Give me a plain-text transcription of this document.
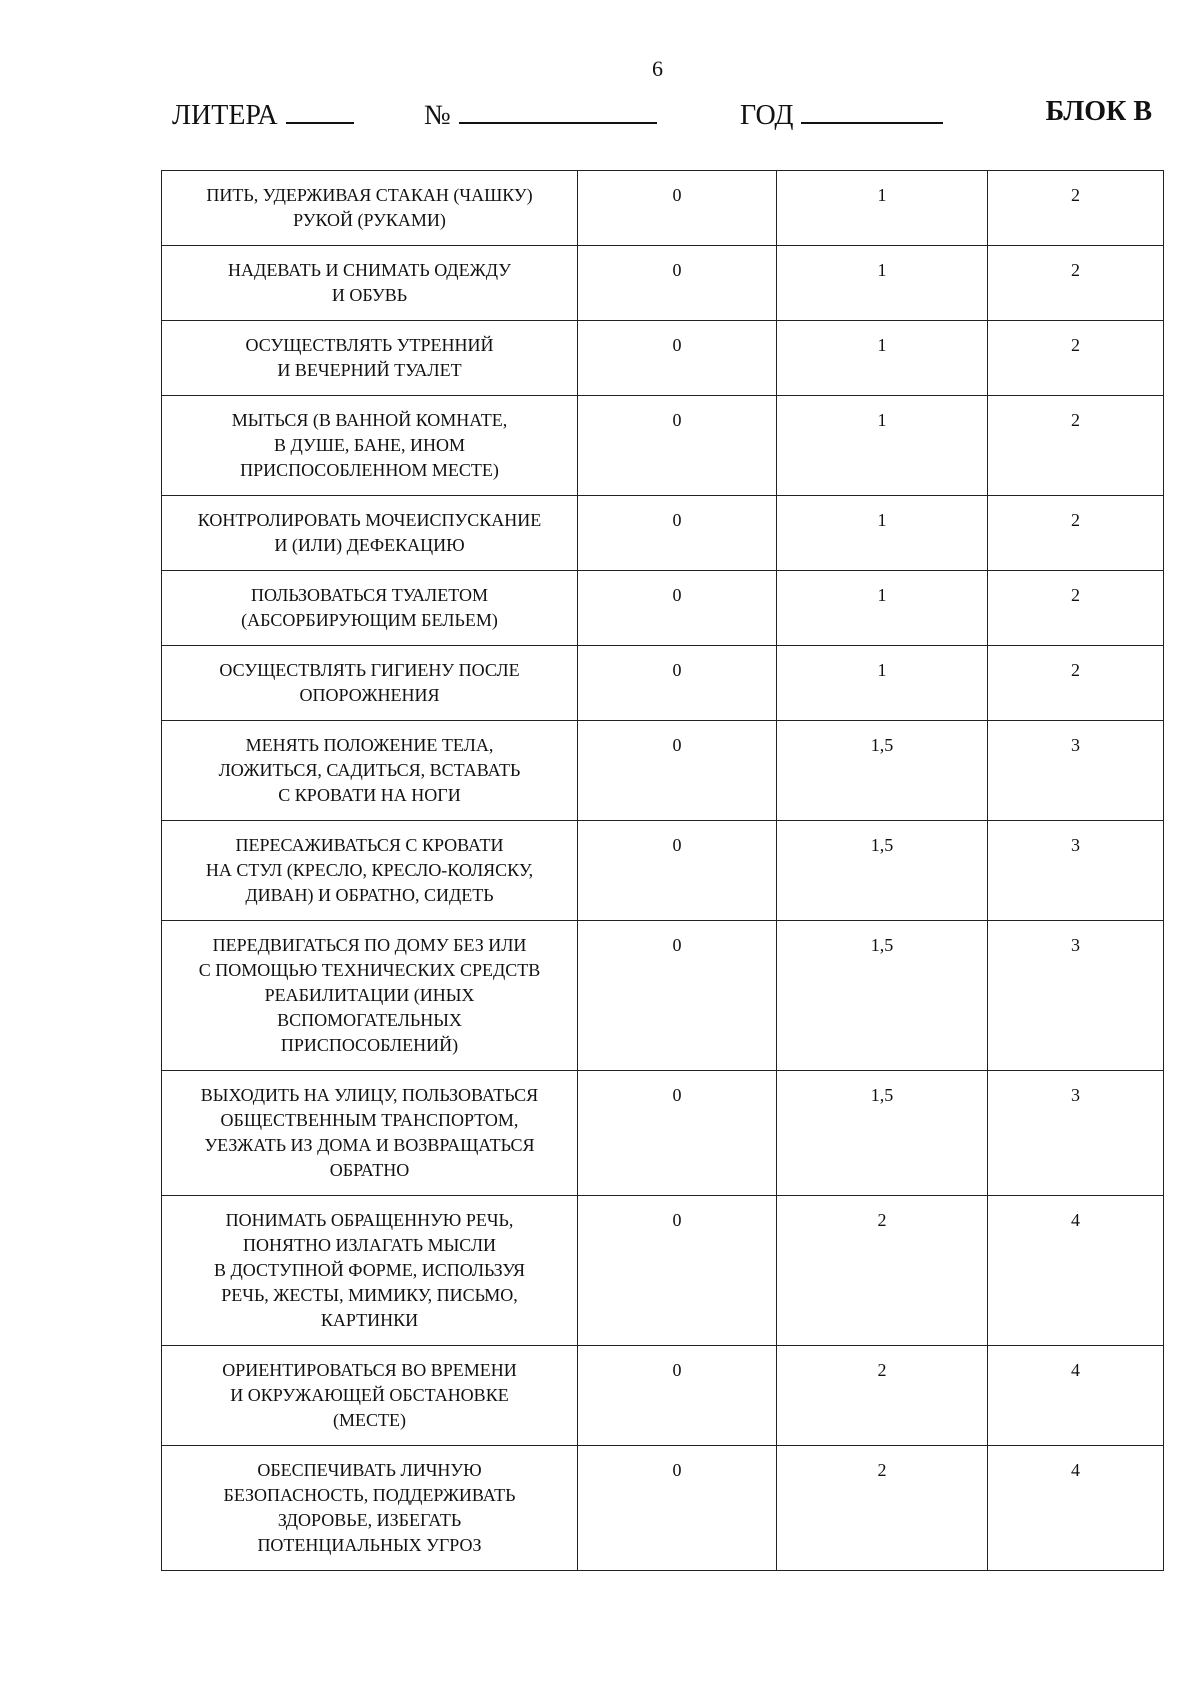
6
ЛИТЕРА	№	ГОД	БЛОК В
ПИТЬ, УДЕРЖИВАЯ СТАКАН (ЧАШКУ)
РУКОЙ (РУКАМИ)	0	1	2
НАДЕВАТЬ И СНИМАТЬ ОДЕЖДУ
И ОБУВЬ	0	1	2
ОСУЩЕСТВЛЯТЬ УТРЕННИЙ
И ВЕЧЕРНИЙ ТУАЛЕТ	0	1	2
МЫТЬСЯ (В ВАННОЙ КОМНАТЕ,
В ДУШЕ, БАНЕ, ИНОМ
ПРИСПОСОБЛЕННОМ МЕСТЕ)	0	1	2
КОНТРОЛИРОВАТЬ МОЧЕИСПУСКАНИЕ
И (ИЛИ) ДЕФЕКАЦИЮ	0	1	2
ПОЛЬЗОВАТЬСЯ ТУАЛЕТОМ
(АБСОРБИРУЮЩИМ БЕЛЬЕМ)	0	1	2
ОСУЩЕСТВЛЯТЬ ГИГИЕНУ ПОСЛЕ
ОПОРОЖНЕНИЯ	0	1	2
МЕНЯТЬ ПОЛОЖЕНИЕ ТЕЛА,
ЛОЖИТЬСЯ, САДИТЬСЯ, ВСТАВАТЬ
С КРОВАТИ НА НОГИ	0	1,5	3
ПЕРЕСАЖИВАТЬСЯ С КРОВАТИ
НА СТУЛ (КРЕСЛО, КРЕСЛО-КОЛЯСКУ,
ДИВАН) И ОБРАТНО, СИДЕТЬ	0	1,5	3
ПЕРЕДВИГАТЬСЯ ПО ДОМУ БЕЗ ИЛИ
С ПОМОЩЬЮ ТЕХНИЧЕСКИХ СРЕДСТВ
РЕАБИЛИТАЦИИ (ИНЫХ
ВСПОМОГАТЕЛЬНЫХ
ПРИСПОСОБЛЕНИЙ)	0	1,5	3
ВЫХОДИТЬ НА УЛИЦУ, ПОЛЬЗОВАТЬСЯ
ОБЩЕСТВЕННЫМ ТРАНСПОРТОМ,
УЕЗЖАТЬ ИЗ ДОМА И ВОЗВРАЩАТЬСЯ
ОБРАТНО	0	1,5	3
ПОНИМАТЬ ОБРАЩЕННУЮ РЕЧЬ,
ПОНЯТНО ИЗЛАГАТЬ МЫСЛИ
В ДОСТУПНОЙ ФОРМЕ, ИСПОЛЬЗУЯ
РЕЧЬ, ЖЕСТЫ, МИМИКУ, ПИСЬМО,
КАРТИНКИ	0	2	4
ОРИЕНТИРОВАТЬСЯ ВО ВРЕМЕНИ
И ОКРУЖАЮЩЕЙ ОБСТАНОВКЕ
(МЕСТЕ)	0	2	4
ОБЕСПЕЧИВАТЬ ЛИЧНУЮ
БЕЗОПАСНОСТЬ, ПОДДЕРЖИВАТЬ
ЗДОРОВЬЕ, ИЗБЕГАТЬ
ПОТЕНЦИАЛЬНЫХ УГРОЗ	0	2	4
